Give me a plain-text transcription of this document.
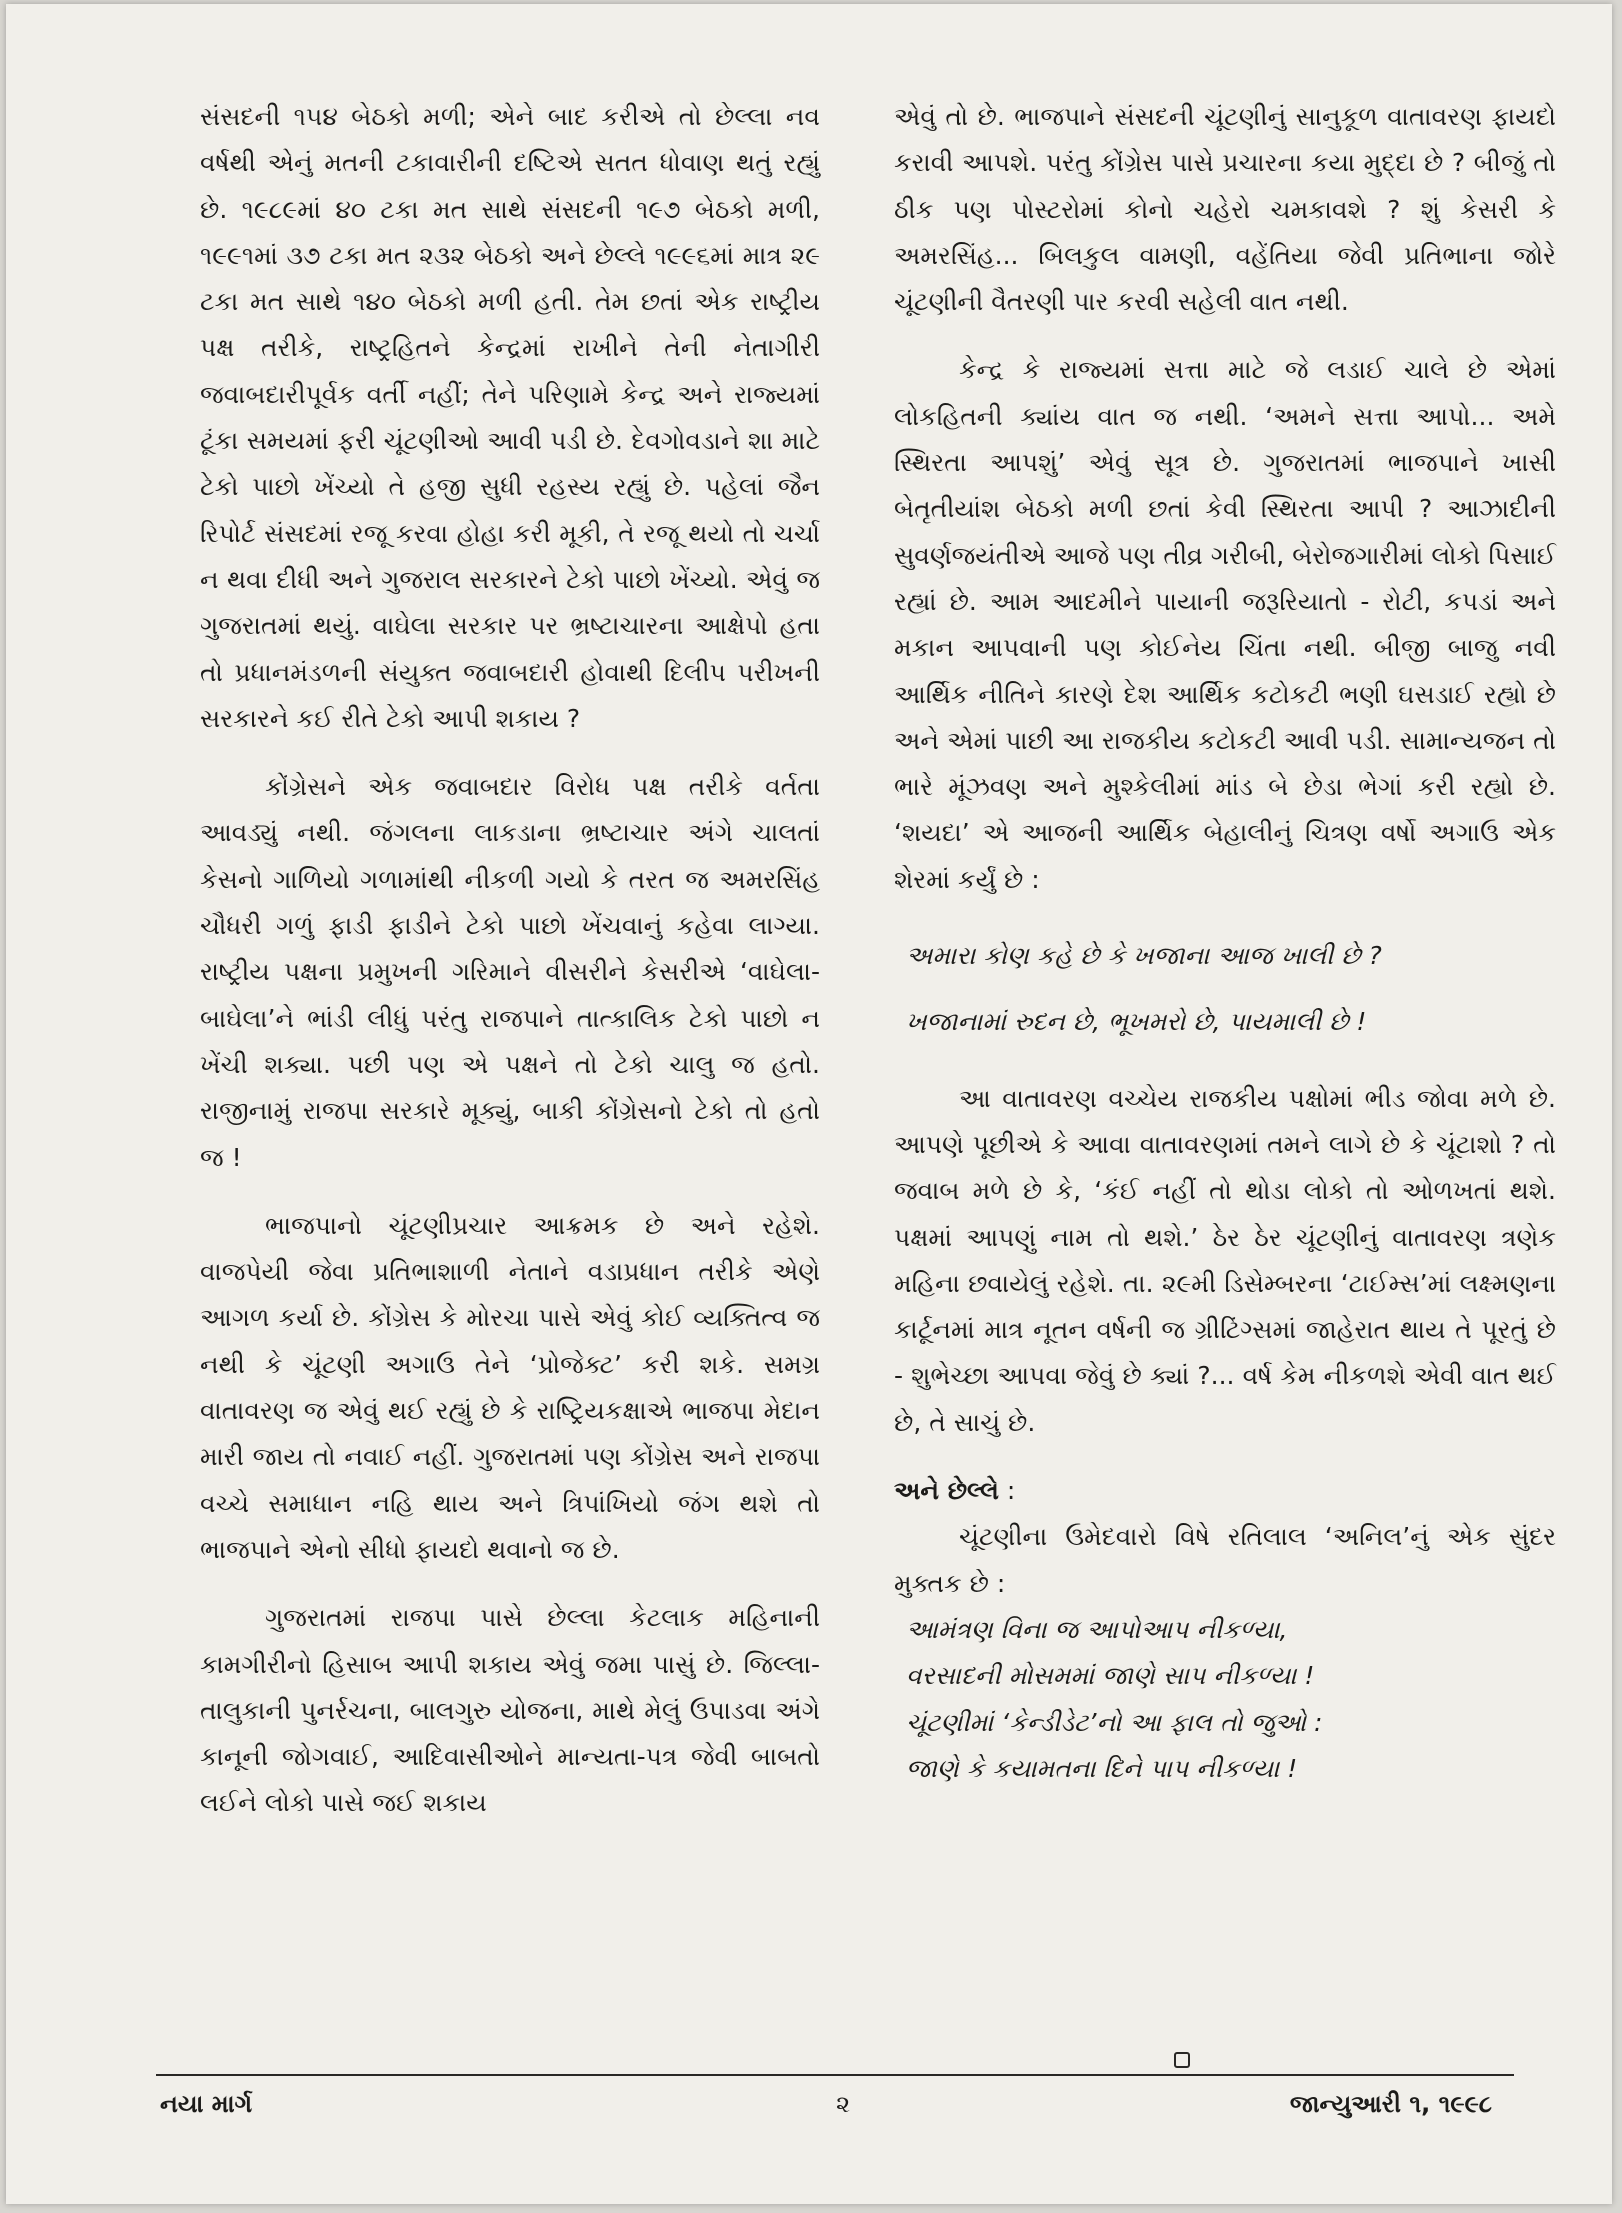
સંસદની ૧૫૪ બેઠકો મળી; એને બાદ કરીએ તો છેલ્લા નવ વર્ષથી એનું મતની ટકાવારીની દષ્ટિએ સતત ધોવાણ થતું રહ્યું છે. ૧૯૮૯માં ૪૦ ટકા મત સાથે સંસદની ૧૯૭ બેઠકો મળી, ૧૯૯૧માં ૩૭ ટકા મત ૨૩૨ બેઠકો અને છેલ્લે ૧૯૯૬માં માત્ર ૨૯ ટકા મત સાથે ૧૪૦ બેઠકો મળી હતી. તેમ છતાં એક રાષ્ટ્રીય પક્ષ તરીકે, રાષ્ટ્રહિતને કેન્દ્રમાં રાખીને તેની નેતાગીરી જવાબદારીપૂર્વક વર્તી નહીં; તેને પરિણામે કેન્દ્ર અને રાજ્યમાં ટૂંકા સમયમાં ફરી ચૂંટણીઓ આવી પડી છે. દેવગોવડાને શા માટે ટેકો પાછો ખેંચ્યો તે હજી સુધી રહસ્ય રહ્યું છે. પહેલાં જૈન રિપોર્ટ સંસદમાં રજૂ કરવા હોહા કરી મૂકી, તે રજૂ થયો તો ચર્ચા ન થવા દીધી અને ગુજરાલ સરકારને ટેકો પાછો ખેંચ્યો. એવું જ ગુજરાતમાં થયું. વાઘેલા સરકાર પર ભ્રષ્ટાચારના આક્ષેપો હતા તો પ્રધાનમંડળની સંયુક્ત જવાબદારી હોવાથી દિલીપ પરીખની સરકારને કઈ રીતે ટેકો આપી શકાય ?

કોંગ્રેસને એક જવાબદાર વિરોધ પક્ષ તરીકે વર્તતા આવડ્યું નથી. જંગલના લાકડાના ભ્રષ્ટાચાર અંગે ચાલતાં કેસનો ગાળિયો ગળામાંથી નીકળી ગયો કે તરત જ અમરસિંહ ચૌધરી ગળું ફાડી ફાડીને ટેકો પાછો ખેંચવાનું કહેવા લાગ્યા. રાષ્ટ્રીય પક્ષના પ્રમુખની ગરિમાને વીસરીને કેસરીએ ‘વાઘેલા-બાઘેલા’ને ભાંડી લીધું પરંતુ રાજપાને તાત્કાલિક ટેકો પાછો ન ખેંચી શક્યા. પછી પણ એ પક્ષને તો ટેકો ચાલુ જ હતો. રાજીનામું રાજપા સરકારે મૂક્યું, બાકી કોંગ્રેસનો ટેકો તો હતો જ !

ભાજપાનો ચૂંટણીપ્રચાર આક્રમક છે અને રહેશે. વાજપેયી જેવા પ્રતિભાશાળી નેતાને વડાપ્રધાન તરીકે એણે આગળ કર્યા છે. કોંગ્રેસ કે મોરચા પાસે એવું કોઈ વ્યક્તિત્વ જ નથી કે ચૂંટણી અગાઉ તેને ‘પ્રોજેક્ટ’ કરી શકે. સમગ્ર વાતાવરણ જ એવું થઈ રહ્યું છે કે રાષ્ટ્રિયકક્ષાએ ભાજપા મેદાન મારી જાય તો નવાઈ નહીં. ગુજરાતમાં પણ કોંગ્રેસ અને રાજપા વચ્ચે સમાધાન નહિ થાય અને ત્રિપાંખિયો જંગ થશે તો ભાજપાને એનો સીધો ફાયદો થવાનો જ છે.

ગુજરાતમાં રાજપા પાસે છેલ્લા કેટલાક મહિનાની કામગીરીનો હિસાબ આપી શકાય એવું જમા પાસું છે. જિલ્લા-તાલુકાની પુનર્રચના, બાલગુરુ યોજના, માથે મેલું ઉપાડવા અંગે કાનૂની જોગવાઈ, આદિવાસીઓને માન્યતા-પત્ર જેવી બાબતો લઈને લોકો પાસે જઈ શકાય

એવું તો છે. ભાજપાને સંસદની ચૂંટણીનું સાનુકૂળ વાતાવરણ ફાયદો કરાવી આપશે. પરંતુ કોંગ્રેસ પાસે પ્રચારના કયા મુદ્દા છે ? બીજું તો ઠીક પણ પોસ્ટરોમાં કોનો ચહેરો ચમકાવશે ? શું કેસરી કે અમરસિંહ... બિલકુલ વામણી, વહેંતિયા જેવી પ્રતિભાના જોરે ચૂંટણીની વૈતરણી પાર કરવી સહેલી વાત નથી.

કેન્દ્ર કે રાજ્યમાં સત્તા માટે જે લડાઈ ચાલે છે એમાં લોકહિતની ક્યાંય વાત જ નથી. ‘અમને સત્તા આપો... અમે સ્થિરતા આપશું’ એવું સૂત્ર છે. ગુજરાતમાં ભાજપાને ખાસી બેતૃતીયાંશ બેઠકો મળી છતાં કેવી સ્થિરતા આપી ? આઝાદીની સુવર્ણજયંતીએ આજે પણ તીવ્ર ગરીબી, બેરોજગારીમાં લોકો પિસાઈ રહ્યાં છે. આમ આદમીને પાયાની જરૂરિયાતો - રોટી, કપડાં અને મકાન આપવાની પણ કોઈનેય ચિંતા નથી. બીજી બાજુ નવી આર્થિક નીતિને કારણે દેશ આર્થિક કટોકટી ભણી ઘસડાઈ રહ્યો છે અને એમાં પાછી આ રાજકીય કટોકટી આવી પડી. સામાન્યજન તો ભારે મૂંઝવણ અને મુશ્કેલીમાં માંડ બે છેડા ભેગાં કરી રહ્યો છે. ‘શયદા’ એ આજની આર્થિક બેહાલીનું ચિત્રણ વર્ષો અગાઉ એક શેરમાં કર્યું છે :

અમારા કોણ કહે છે કે ખજાના આજ ખાલી છે ?
ખજાનામાં રુદન છે, ભૂખમરો છે, પાયમાલી છે !

આ વાતાવરણ વચ્ચેય રાજકીય પક્ષોમાં ભીડ જોવા મળે છે. આપણે પૂછીએ કે આવા વાતાવરણમાં તમને લાગે છે કે ચૂંટાશો ? તો જવાબ મળે છે કે, ‘કંઈ નહીં તો થોડા લોકો તો ઓળખતાં થશે. પક્ષમાં આપણું નામ તો થશે.’ ઠેર ઠેર ચૂંટણીનું વાતાવરણ ત્રણેક મહિના છવાયેલું રહેશે. તા. ૨૯મી ડિસેમ્બરના ‘ટાઈમ્સ’માં લક્ષ્મણના કાર્ટૂનમાં માત્ર નૂતન વર્ષની જ ગ્રીટિંગ્સમાં જાહેરાત થાય તે પૂરતું છે - શુભેચ્છા આપવા જેવું છે ક્યાં ?... વર્ષ કેમ નીકળશે એવી વાત થઈ છે, તે સાચું છે.

અને છેલ્લે :

ચૂંટણીના ઉમેદવારો વિષે રતિલાલ ‘અનિલ’નું એક સુંદર મુક્તક છે :

આમંત્રણ વિના જ આપોઆપ નીકળ્યા,
વરસાદની મોસમમાં જાણે સાપ નીકળ્યા !
ચૂંટણીમાં ‘કેન્ડીડેટ’નો આ ફાલ તો જુઓ :
જાણે કે કયામતના દિને પાપ નીકળ્યા !
નયા માર્ગ	૨	જાન્યુઆરી ૧, ૧૯૯૮
